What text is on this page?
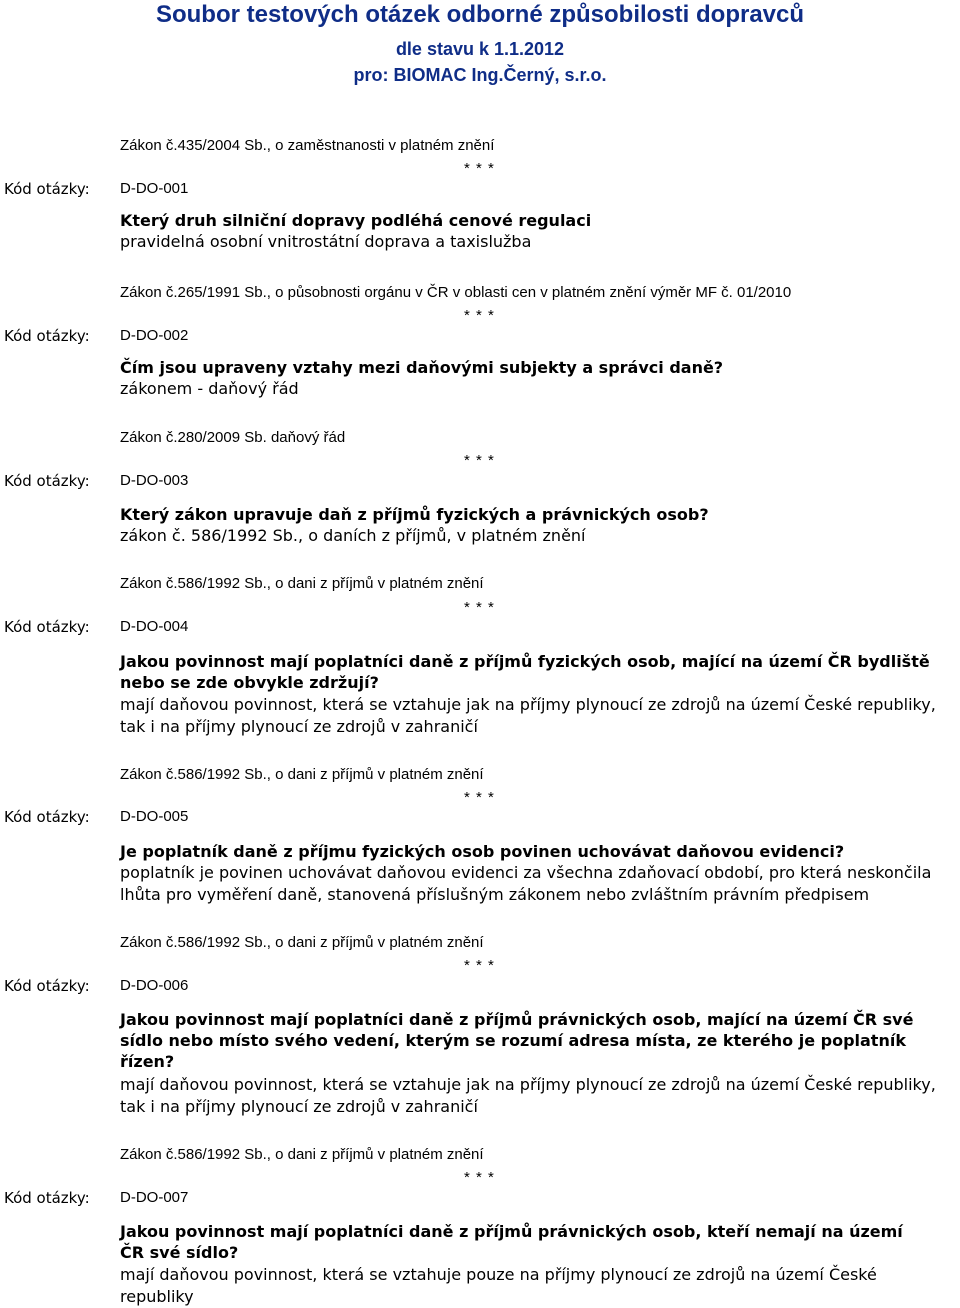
Soubor testových otázek odborné způsobilosti dopravců
dle stavu k 1.1.2012
pro: BIOMAC Ing.Černý, s.r.o.
Zákon č.435/2004 Sb., o zaměstnanosti v platném znění
* * *
Kód otázky: D-DO-001
Který druh silniční dopravy podléhá cenové regulaci
pravidelná osobní vnitrostátní doprava a taxislužba
Zákon č.265/1991 Sb., o působnosti orgánu v ČR v oblasti cen v platném znění výměr MF č. 01/2010
* * *
Kód otázky: D-DO-002
Čím jsou upraveny vztahy mezi daňovými subjekty a správci daně?
zákonem - daňový řád
Zákon č.280/2009 Sb. daňový řád
* * *
Kód otázky: D-DO-003
Který zákon upravuje daň z příjmů fyzických a právnických osob?
zákon č. 586/1992 Sb., o daních z příjmů, v platném znění
Zákon č.586/1992 Sb., o dani z příjmů v platném znění
* * *
Kód otázky: D-DO-004
Jakou povinnost mají poplatníci daně z příjmů fyzických osob, mající na území ČR bydliště nebo se zde obvykle zdržují?
mají daňovou povinnost, která se vztahuje jak na příjmy plynoucí ze zdrojů na území České republiky, tak i na příjmy plynoucí ze zdrojů v zahraničí
Zákon č.586/1992 Sb., o dani z příjmů v platném znění
* * *
Kód otázky: D-DO-005
Je poplatník daně z příjmu fyzických osob povinen uchovávat daňovou evidenci?
poplatník je povinen uchovávat daňovou evidenci za všechna zdaňovací období, pro která neskončila lhůta pro vyměření daně, stanovená příslušným zákonem nebo zvláštním právním předpisem
Zákon č.586/1992 Sb., o dani z příjmů v platném znění
* * *
Kód otázky: D-DO-006
Jakou povinnost mají poplatníci daně z příjmů právnických osob, mající na území ČR své sídlo nebo místo svého vedení, kterým se rozumí adresa místa, ze kterého je poplatník řízen?
mají daňovou povinnost, která se vztahuje jak na příjmy plynoucí ze zdrojů na území České republiky, tak i na příjmy plynoucí ze zdrojů v zahraničí
Zákon č.586/1992 Sb., o dani z příjmů v platném znění
* * *
Kód otázky: D-DO-007
Jakou povinnost mají poplatníci daně z příjmů právnických osob, kteří nemají na území ČR své sídlo?
mají daňovou povinnost, která se vztahuje pouze na příjmy plynoucí ze zdrojů na území České republiky
